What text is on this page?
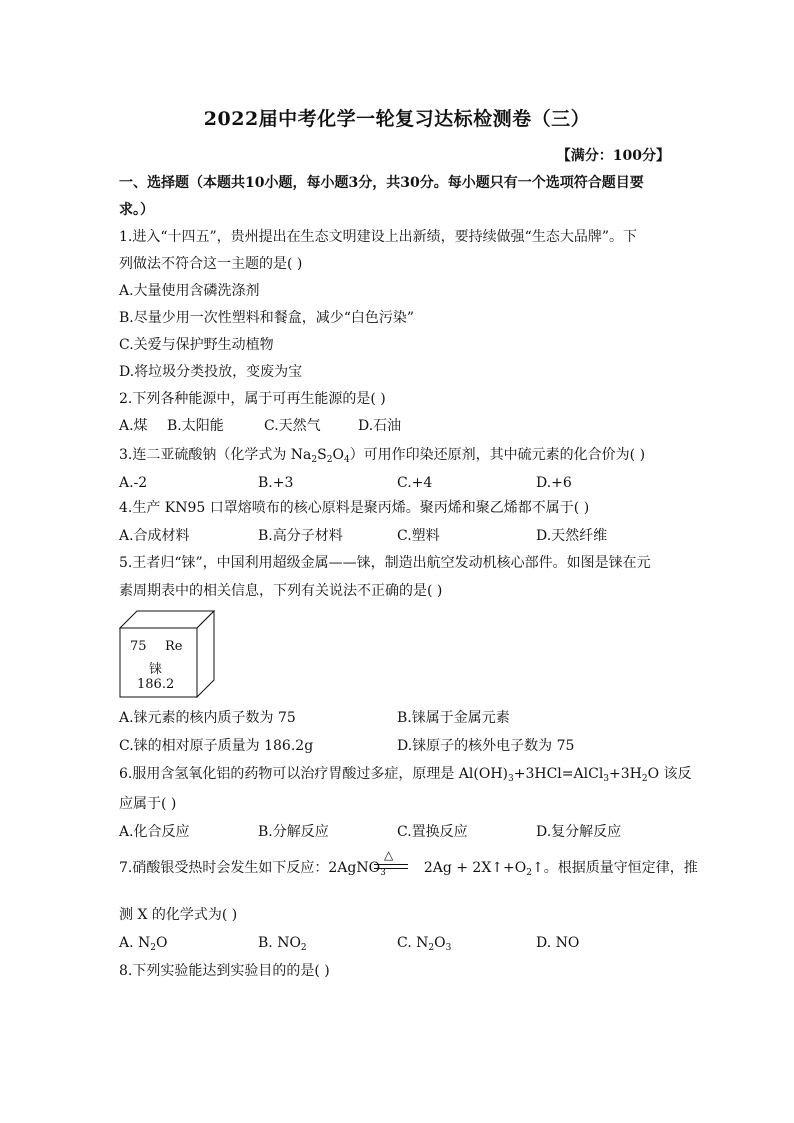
2022届中考化学一轮复习达标检测卷（三）
【满分：100分】
一、选择题（本题共10小题，每小题3分，共30分。每小题只有一个选项符合题目要
求。）
1.进入“十四五”，贵州提出在生态文明建设上出新绩，要持续做强“生态大品牌”。下
列做法不符合这一主题的是( )
A.大量使用含磷洗涤剂
B.尽量少用一次性塑料和餐盒，减少“白色污染”
C.关爱与保护野生动植物
D.将垃圾分类投放，变废为宝
2.下列各种能源中，属于可再生能源的是( )
A.煤 B.太阳能	C.天然气	D.石油
3.连二亚硫酸钠（化学式为 $Na_2S_2O_4$）可用作印染还原剂，其中硫元素的化合价为( )
A.-2	B.+3	C.+4	D.+6
4.生产 KN95 口罩熔喷布的核心原料是聚丙烯。聚丙烯和聚乙烯都不属于( )
A.合成材料	B.高分子材料	C.塑料	D.天然纤维
5.王者归“铼”，中国利用超级金属——铼，制造出航空发动机核心部件。如图是铼在元
素周期表中的相关信息，下列有关说法不正确的是( )
75 Re
铼
186.2
A.铼元素的核内质子数为 75	B.铼属于金属元素
C.铼的相对原子质量为 186.2g	D.铼原子的核外电子数为 75
6.服用含氢氧化铝的药物可以治疗胃酸过多症，原理是 $Al(OH)_3+3HCl=AlCl_3+3H_2O$ 该反
应属于( )
A.化合反应	B.分解反应	C.置换反应	D.复分解反应
△
7.硝酸银受热时会发生如下反应：2AgNO$_3$	$2Ag + 2X↑+O_2↑$。根据质量守恒定律，推
测 X 的化学式为( )
A. $N_2O$	B. $NO_2$	C. $N_2O_3$	D. NO
8.下列实验能达到实验目的的是( )
